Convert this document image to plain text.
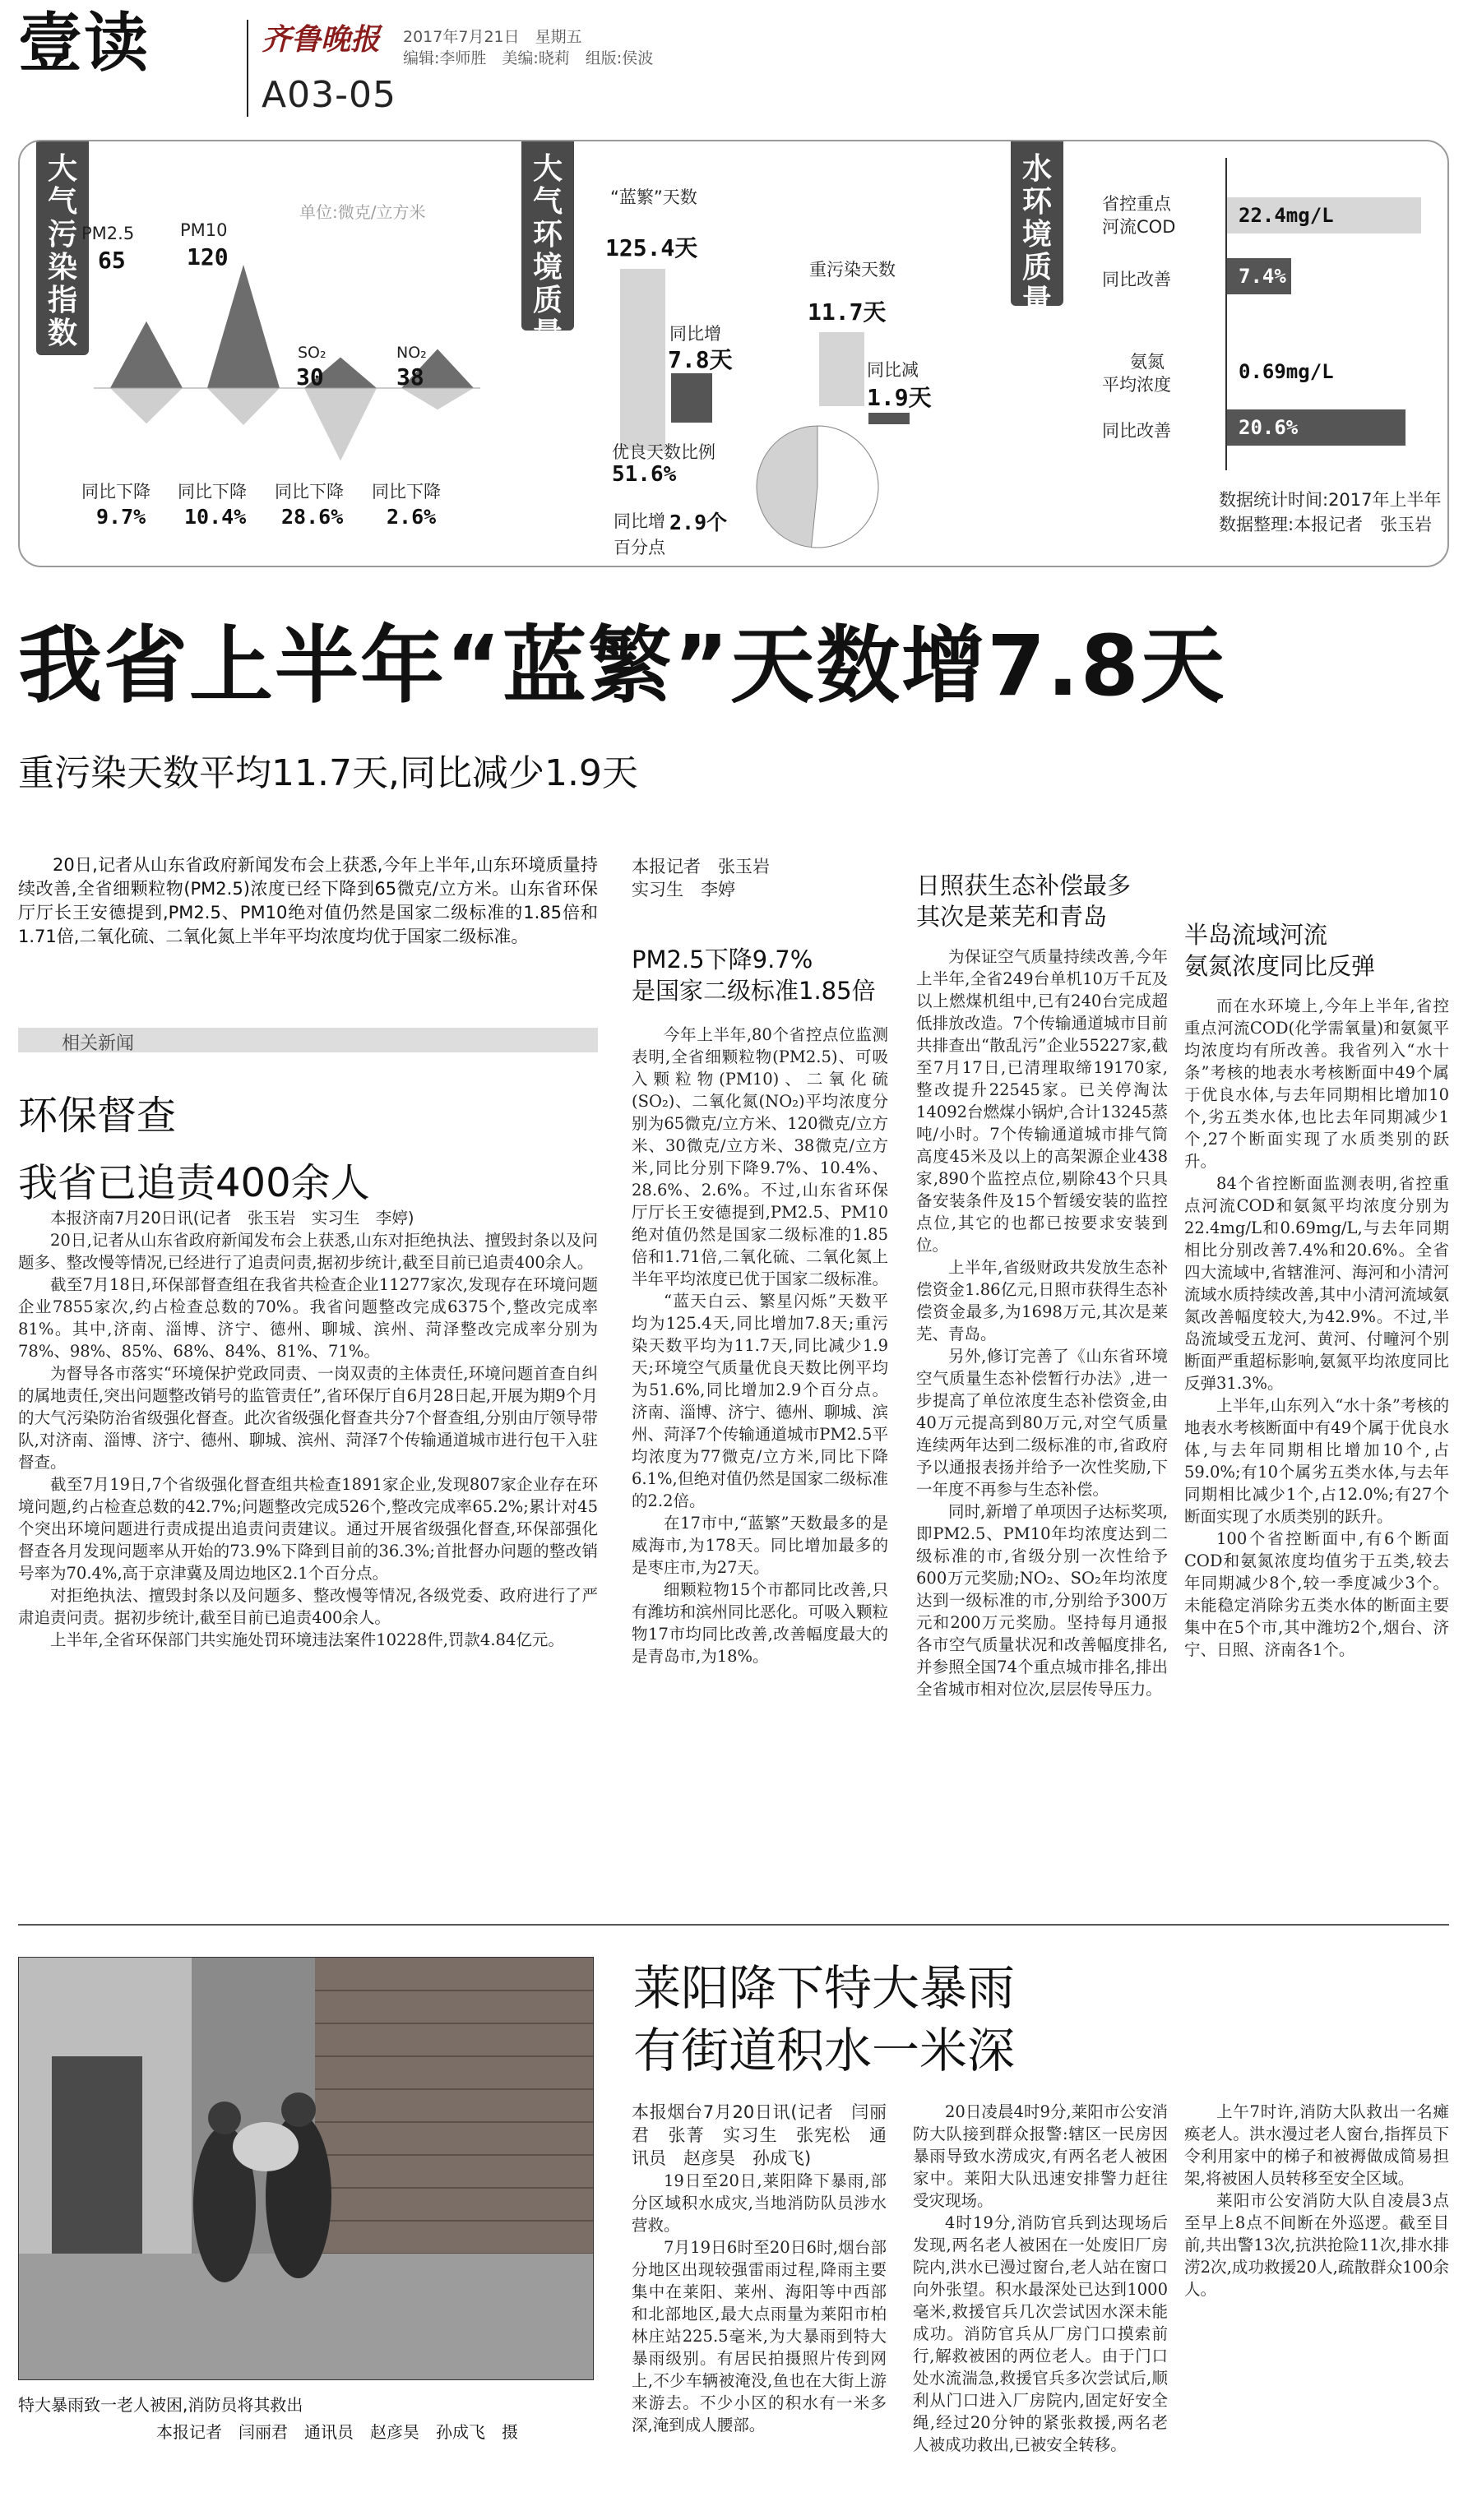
壹读	齐鲁晚报 2017年7月21日　星期五
编辑:李师胜　美编:晓莉　组版:侯波
A03-05
大气污染指数
单位:微克/立方米
PM2.5
65
PM10
120
SO₂
30
NO₂
38
同比下降
9.7%
同比下降
10.4%
同比下降
28.6%
同比下降
2.6%
大气环境质量
“蓝繁”天数
125.4天
同比增
7.8天
重污染天数
11.7天
同比减
1.9天
优良天数比例
51.6%
同比增 2.9个
百分点
水环境质量
省控重点
河流COD	22.4mg/L
同比改善	7.4%
氨氮
平均浓度
0.69mg/L
同比改善	20.6%
数据统计时间:2017年上半年
数据整理:本报记者　张玉岩
我省上半年“蓝繁”天数增7.8天
重污染天数平均11.7天,同比减少1.9天
20日,记者从山东省政府新闻发布会上获悉,今年上半年,山东环境质量持续改善,全省细颗粒物(PM2.5)浓度已经下降到65微克/立方米。山东省环保厅厅长王安德提到,PM2.5、PM10绝对值仍然是国家二级标准的1.85倍和1.71倍,二氧化硫、二氧化氮上半年平均浓度均优于国家二级标准。
相关新闻
环保督查
我省已追责400余人

本报济南7月20日讯(记者　张玉岩　实习生　李婷)

20日,记者从山东省政府新闻发布会上获悉,山东对拒绝执法、擅毁封条以及问题多、整改慢等情况,已经进行了追责问责,据初步统计,截至目前已追责400余人。

截至7月18日,环保部督查组在我省共检查企业11277家次,发现存在环境问题企业7855家次,约占检查总数的70%。我省问题整改完成6375个,整改完成率81%。其中,济南、淄博、济宁、德州、聊城、滨州、菏泽整改完成率分别为78%、98%、85%、68%、84%、81%、71%。

为督导各市落实“环境保护党政同责、一岗双责的主体责任,环境问题首查自纠的属地责任,突出问题整改销号的监管责任”,省环保厅自6月28日起,开展为期9个月的大气污染防治省级强化督查。此次省级强化督查共分7个督查组,分别由厅领导带队,对济南、淄博、济宁、德州、聊城、滨州、菏泽7个传输通道城市进行包干入驻督查。

截至7月19日,7个省级强化督查组共检查1891家企业,发现807家企业存在环境问题,约占检查总数的42.7%;问题整改完成526个,整改完成率65.2%;累计对45个突出环境问题进行责成提出追责问责建议。通过开展省级强化督查,环保部强化督查各月发现问题率从开始的73.9%下降到目前的36.3%;首批督办问题的整改销号率为70.4%,高于京津冀及周边地区2.1个百分点。

对拒绝执法、擅毁封条以及问题多、整改慢等情况,各级党委、政府进行了严肃追责问责。据初步统计,截至目前已追责400余人。

上半年,全省环保部门共实施处罚环境违法案件10228件,罚款4.84亿元。

本报记者　张玉岩
实习生　李婷
PM2.5下降9.7%
是国家二级标准1.85倍

今年上半年,80个省控点位监测表明,全省细颗粒物(PM2.5)、可吸入颗粒物(PM10)、二氧化硫(SO₂)、二氧化氮(NO₂)平均浓度分别为65微克/立方米、120微克/立方米、30微克/立方米、38微克/立方米,同比分别下降9.7%、10.4%、28.6%、2.6%。不过,山东省环保厅厅长王安德提到,PM2.5、PM10绝对值仍然是国家二级标准的1.85倍和1.71倍,二氧化硫、二氧化氮上半年平均浓度已优于国家二级标准。

“蓝天白云、繁星闪烁”天数平均为125.4天,同比增加7.8天;重污染天数平均为11.7天,同比减少1.9天;环境空气质量优良天数比例平均为51.6%,同比增加2.9个百分点。济南、淄博、济宁、德州、聊城、滨州、菏泽7个传输通道城市PM2.5平均浓度为77微克/立方米,同比下降6.1%,但绝对值仍然是国家二级标准的2.2倍。

在17市中,“蓝繁”天数最多的是威海市,为178天。同比增加最多的是枣庄市,为27天。

细颗粒物15个市都同比改善,只有潍坊和滨州同比恶化。可吸入颗粒物17市均同比改善,改善幅度最大的是青岛市,为18%。

日照获生态补偿最多
其次是莱芜和青岛

为保证空气质量持续改善,今年上半年,全省249台单机10万千瓦及以上燃煤机组中,已有240台完成超低排放改造。7个传输通道城市目前共排查出“散乱污”企业55227家,截至7月17日,已清理取缔19170家,整改提升22545家。已关停淘汰14092台燃煤小锅炉,合计13245蒸吨/小时。7个传输通道城市排气筒高度45米及以上的高架源企业438家,890个监控点位,剔除43个只具备安装条件及15个暂缓安装的监控点位,其它的也都已按要求安装到位。

上半年,省级财政共发放生态补偿资金1.86亿元,日照市获得生态补偿资金最多,为1698万元,其次是莱芜、青岛。

另外,修订完善了《山东省环境空气质量生态补偿暂行办法》,进一步提高了单位浓度生态补偿资金,由40万元提高到80万元,对空气质量连续两年达到二级标准的市,省政府予以通报表扬并给予一次性奖励,下一年度不再参与生态补偿。

同时,新增了单项因子达标奖项,即PM2.5、PM10年均浓度达到二级标准的市,省级分别一次性给予600万元奖励;NO₂、SO₂年均浓度达到一级标准的市,分别给予300万元和200万元奖励。坚持每月通报各市空气质量状况和改善幅度排名,并参照全国74个重点城市排名,排出全省城市相对位次,层层传导压力。

半岛流域河流
氨氮浓度同比反弹

而在水环境上,今年上半年,省控重点河流COD(化学需氧量)和氨氮平均浓度均有所改善。我省列入“水十条”考核的地表水考核断面中49个属于优良水体,与去年同期相比增加10个,劣五类水体,也比去年同期减少1个,27个断面实现了水质类别的跃升。

84个省控断面监测表明,省控重点河流COD和氨氮平均浓度分别为22.4mg/L和0.69mg/L,与去年同期相比分别改善7.4%和20.6%。全省四大流域中,省辖淮河、海河和小清河流域水质持续改善,其中小清河流域氨氮改善幅度较大,为42.9%。不过,半岛流域受五龙河、黄河、付疃河个别断面严重超标影响,氨氮平均浓度同比反弹31.3%。

上半年,山东列入“水十条”考核的地表水考核断面中有49个属于优良水体,与去年同期相比增加10个,占59.0%;有10个属劣五类水体,与去年同期相比减少1个,占12.0%;有27个断面实现了水质类别的跃升。

100个省控断面中,有6个断面COD和氨氮浓度均值劣于五类,较去年同期减少8个,较一季度减少3个。未能稳定消除劣五类水体的断面主要集中在5个市,其中潍坊2个,烟台、济宁、日照、济南各1个。

特大暴雨致一老人被困,消防员将其救出
本报记者　闫丽君　通讯员　赵彦昊　孙成飞　摄
莱阳降下特大暴雨
有街道积水一米深

本报烟台7月20日讯(记者　闫丽君　张菁　实习生　张宪松　通讯员　赵彦昊　孙成飞)

19日至20日,莱阳降下暴雨,部分区域积水成灾,当地消防队员涉水营救。

7月19日6时至20日6时,烟台部分地区出现较强雷雨过程,降雨主要集中在莱阳、莱州、海阳等中西部和北部地区,最大点雨量为莱阳市柏林庄站225.5毫米,为大暴雨到特大暴雨级别。有居民拍摄照片传到网上,不少车辆被淹没,鱼也在大街上游来游去。不少小区的积水有一米多深,淹到成人腰部。

20日凌晨4时9分,莱阳市公安消防大队接到群众报警:辖区一民房因暴雨导致水涝成灾,有两名老人被困家中。莱阳大队迅速安排警力赶往受灾现场。

4时19分,消防官兵到达现场后发现,两名老人被困在一处废旧厂房院内,洪水已漫过窗台,老人站在窗口向外张望。积水最深处已达到1000毫米,救援官兵几次尝试因水深未能成功。消防官兵从厂房门口摸索前行,解救被困的两位老人。由于门口处水流湍急,救援官兵多次尝试后,顺利从门口进入厂房院内,固定好安全绳,经过20分钟的紧张救援,两名老人被成功救出,已被安全转移。

上午7时许,消防大队救出一名瘫痪老人。洪水漫过老人窗台,指挥员下令利用家中的梯子和被褥做成简易担架,将被困人员转移至安全区域。

莱阳市公安消防大队自凌晨3点至早上8点不间断在外巡逻。截至目前,共出警13次,抗洪抢险11次,排水排涝2次,成功救援20人,疏散群众100余人。
